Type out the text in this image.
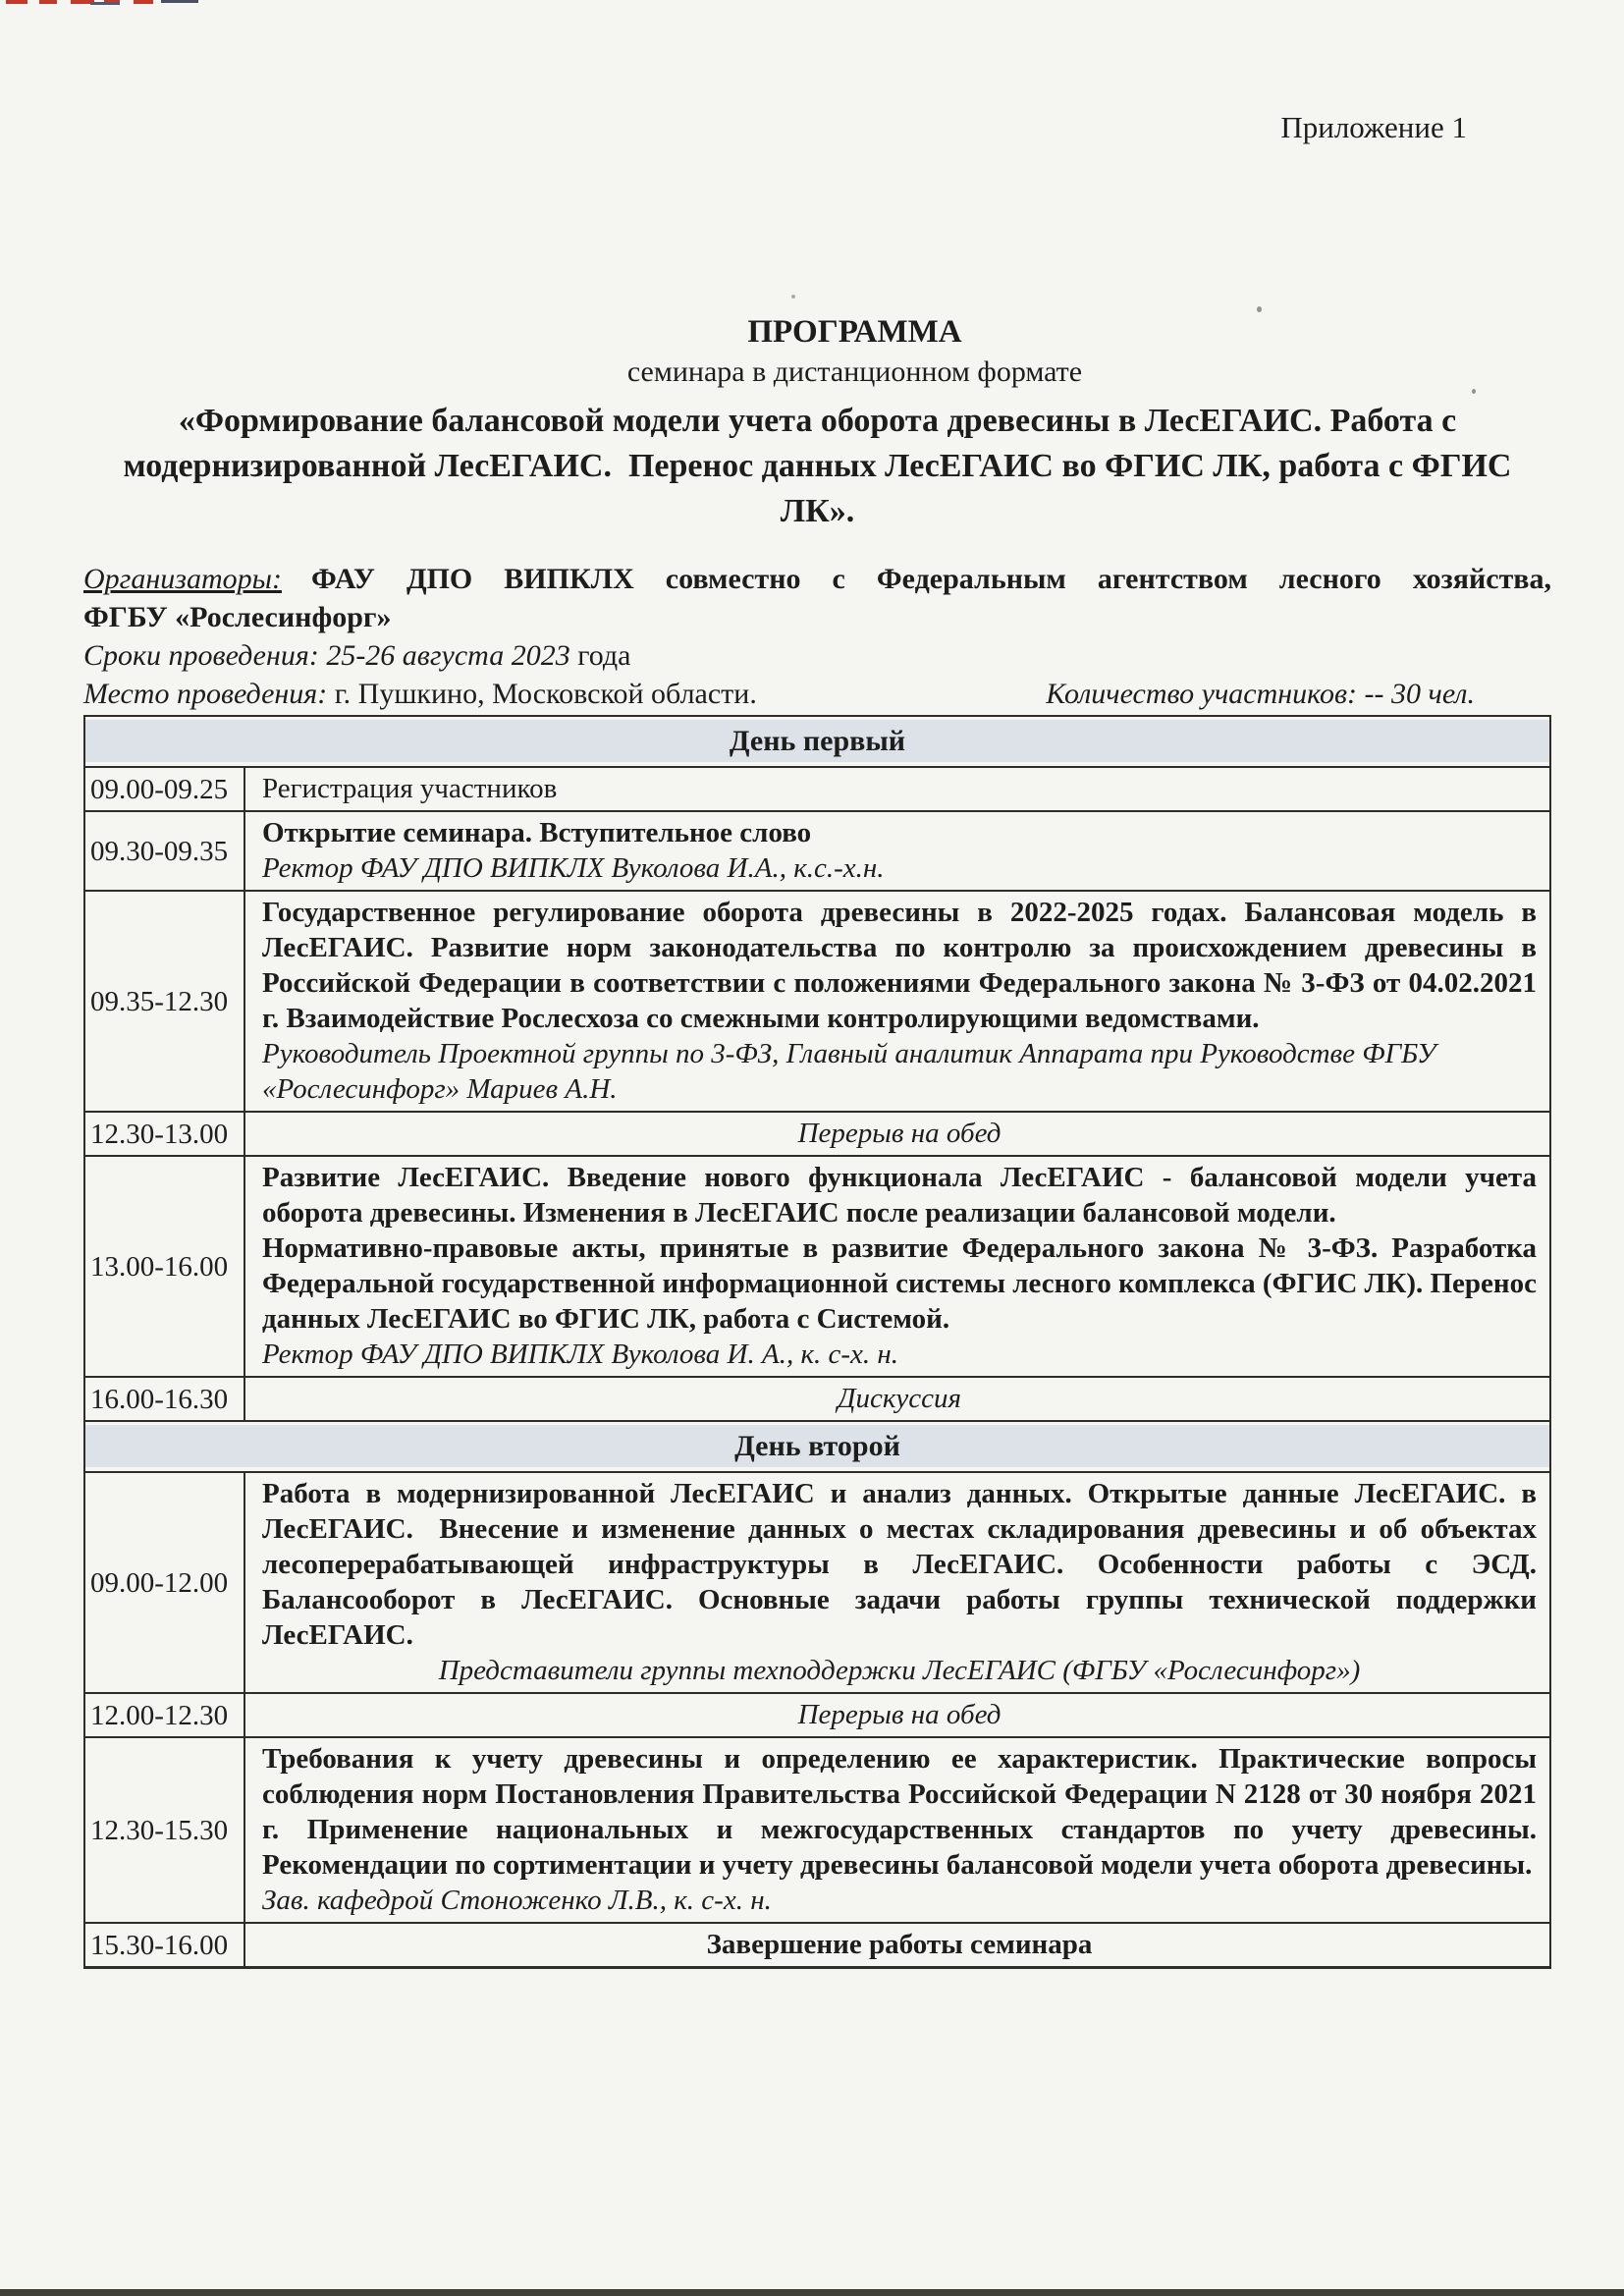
Приложение 1
ПРОГРАММА
семинара в дистанционном формате
«Формирование балансовой модели учета оборота древесины в ЛесЕГАИС. Работа с модернизированной ЛесЕГАИС.  Перенос данных ЛесЕГАИС во ФГИС ЛК, работа с ФГИС ЛК».

Организаторы: ФАУ ДПО ВИПКЛХ совместно с Федеральным агентством лесного хозяйства,

ФГБУ «Рослесинфорг»

Сроки проведения: 25-26 августа 2023 года

Место проведения: г. Пушкино, Московской области.	Количество участников: -- 30 чел.

День первый	
09.00-09.25	Регистрация участников

09.30-09.35	Открытие семинара. Вступительное слово

Ректор ФАУ ДПО ВИПКЛХ Вуколова И.А., к.с.-х.н.

09.35-12.30	Государственное регулирование оборота древесины в 2022-2025 годах. Балансовая модель в ЛесЕГАИС. Развитие норм законодательства по контролю за происхождением древесины в Российской Федерации в соответствии с положениями Федерального закона № 3-ФЗ от 04.02.2021 г. Взаимодействие Рослесхоза со смежными контролирующими ведомствами.

Руководитель Проектной группы по 3-ФЗ, Главный аналитик Аппарата при Руководстве ФГБУ «Рослесинфорг» Мариев А.Н.

12.30-13.00	Перерыв на обед

13.00-16.00	Развитие ЛесЕГАИС. Введение нового функционала ЛесЕГАИС - балансовой модели учета оборота древесины. Изменения в ЛесЕГАИС после реализации балансовой модели.

Нормативно-правовые акты, принятые в развитие Федерального закона № 3-ФЗ. Разработка Федеральной государственной информационной системы лесного комплекса (ФГИС ЛК). Перенос данных ЛесЕГАИС во ФГИС ЛК, работа с Системой.

Ректор ФАУ ДПО ВИПКЛХ Вуколова И. А., к. с-х. н.

16.00-16.30	Дискуссия

День второй	
09.00-12.00	Работа в модернизированной ЛесЕГАИС и анализ данных. Открытые данные ЛесЕГАИС. в ЛесЕГАИС.  Внесение и изменение данных о местах складирования древесины и об объектах лесоперерабатывающей инфраструктуры в ЛесЕГАИС. Особенности работы с ЭСД. Балансооборот в ЛесЕГАИС. Основные задачи работы группы технической поддержки ЛесЕГАИС.

Представители группы техподдержки ЛесЕГАИС (ФГБУ «Рослесинфорг»)

12.00-12.30	Перерыв на обед

12.30-15.30	Требования к учету древесины и определению ее характеристик. Практические вопросы соблюдения норм Постановления Правительства Российской Федерации N 2128 от 30 ноября 2021 г. Применение национальных и межгосударственных стандартов по учету древесины. Рекомендации по сортиментации и учету древесины балансовой модели учета оборота древесины.

Зав. кафедрой Стоноженко Л.В., к. с-х. н.

15.30-16.00	Завершение работы семинара
